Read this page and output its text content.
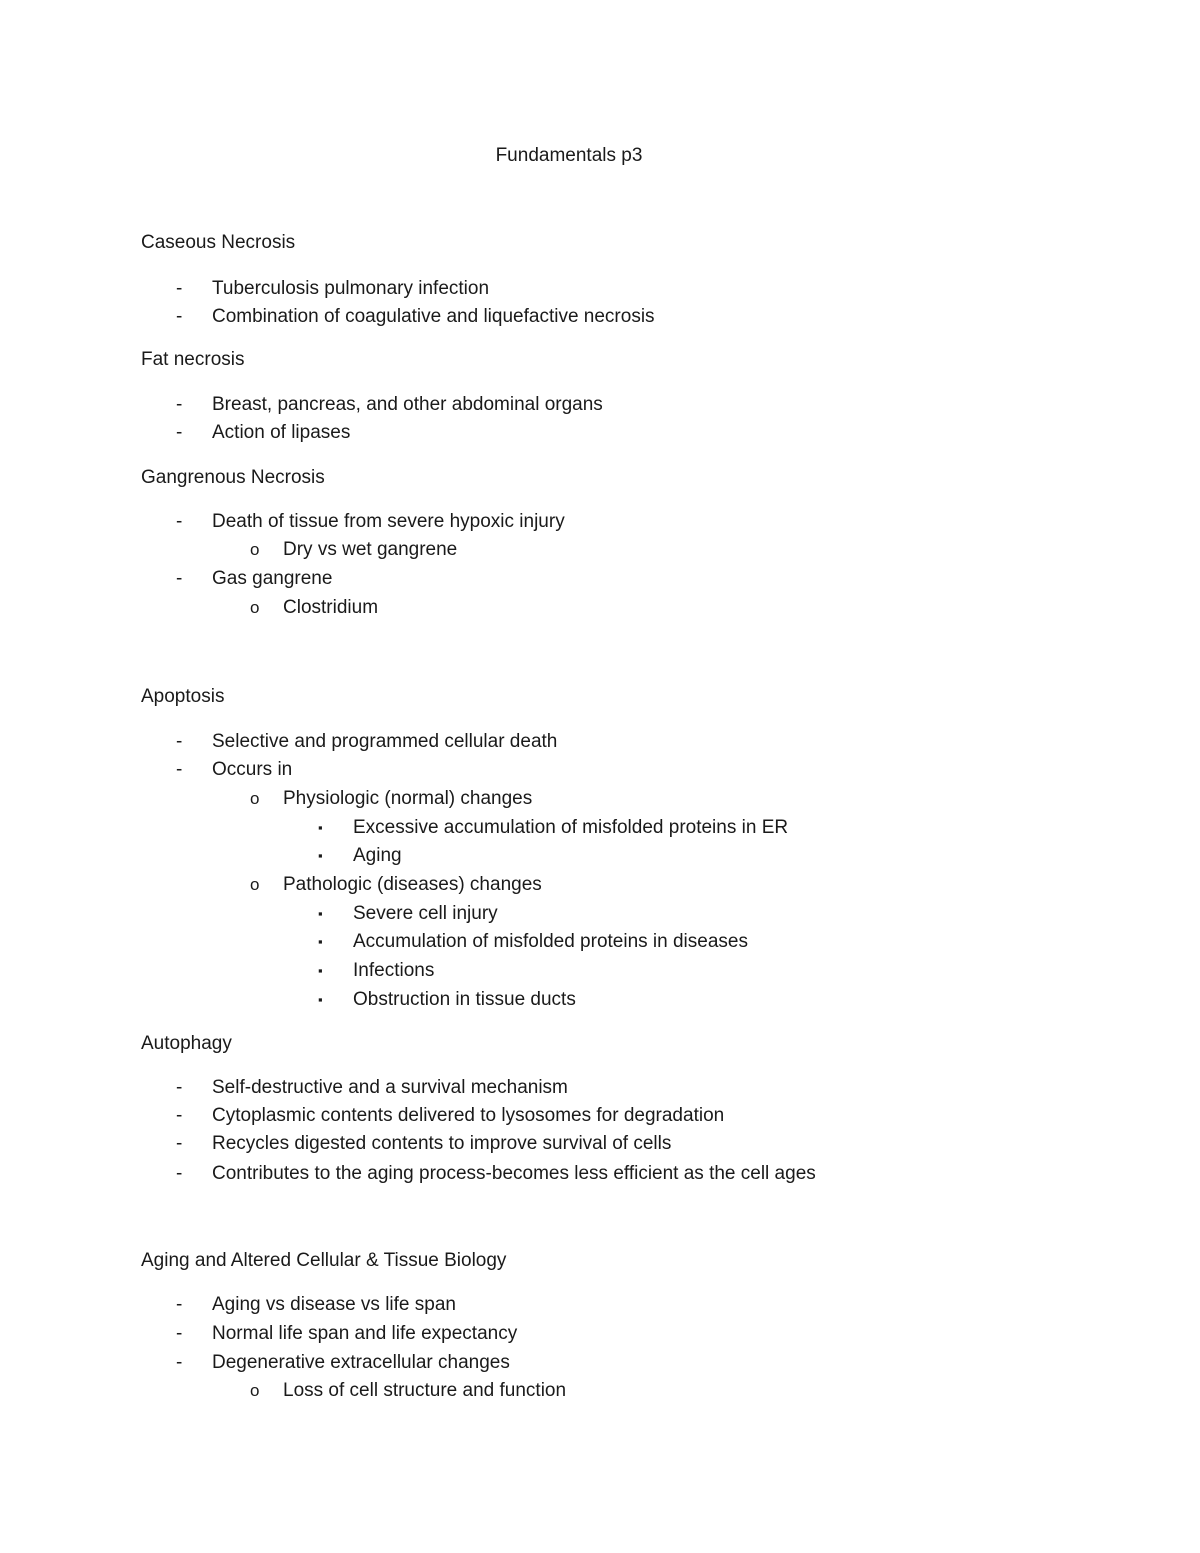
Fundamentals p3
Caseous Necrosis
- Tuberculosis pulmonary infection
- Combination of coagulative and liquefactive necrosis
Fat necrosis
- Breast, pancreas, and other abdominal organs
- Action of lipases
Gangrenous Necrosis
- Death of tissue from severe hypoxic injury
o Dry vs wet gangrene
- Gas gangrene
o Clostridium
Apoptosis
- Selective and programmed cellular death
- Occurs in
o Physiologic (normal) changes
▪ Excessive accumulation of misfolded proteins in ER
▪ Aging
o Pathologic (diseases) changes
▪ Severe cell injury
▪ Accumulation of misfolded proteins in diseases
▪ Infections
▪ Obstruction in tissue ducts
Autophagy
- Self-destructive and a survival mechanism
- Cytoplasmic contents delivered to lysosomes for degradation
- Recycles digested contents to improve survival of cells
- Contributes to the aging process-becomes less efficient as the cell ages
Aging and Altered Cellular & Tissue Biology
- Aging vs disease vs life span
- Normal life span and life expectancy
- Degenerative extracellular changes
o Loss of cell structure and function
